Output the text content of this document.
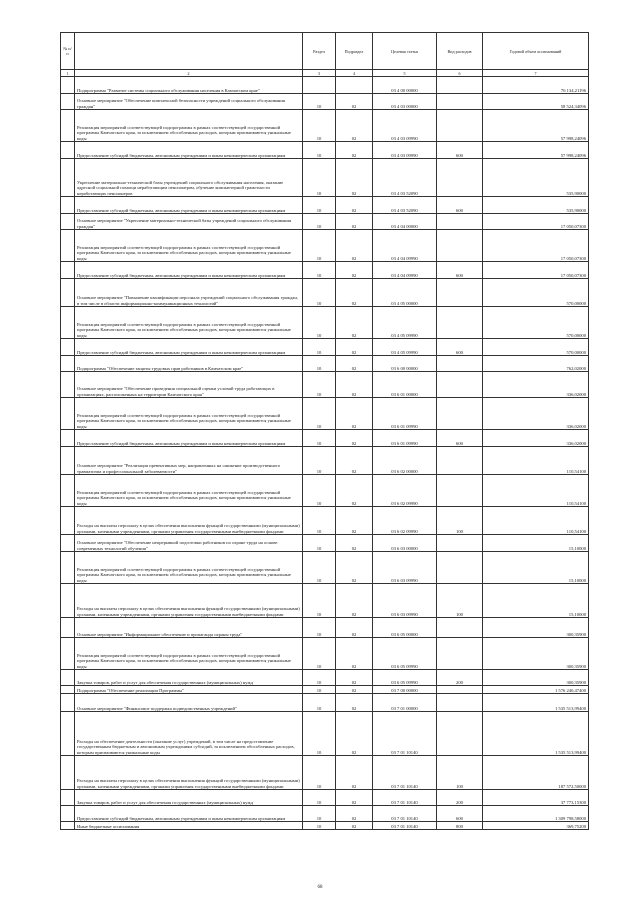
№ п/п		Раздел	Подраздел	Целевая статья	Вид расходов	Годовой объем ассигнований
1	2	3	4	5	6	7
	Подпрограмма "Развитие системы социального обслуживания населения в Камчатском крае"			03 4 00 00000		76 134,21196
	Основное мероприятие "Обеспечение комплексной безопасности учреждений социального обслуживания граждан"	10	02	03 4 03 00000		58 524,34096
	Реализация мероприятий соответствующей подпрограммы в рамках соответствующей государственной программы Камчатского края, за исключением обособленных расходов, которым присваиваются уникальные коды	10	02	03 4 03 09990		57 998,24096
	Предоставление субсидий бюджетным, автономным учреждениям и иным некоммерческим организациям	10	02	03 4 03 09990	600	57 998,24096
	Укрепление материально-технической базы учреждений социального обслуживания населения, оказание адресной социальной помощи неработающим пенсионерам, обучение компьютерной грамотности неработающих пенсионеров	10	02	03 4 03 52090		535,90000
	Предоставление субсидий бюджетным, автономным учреждениям и иным некоммерческим организациям	10	02	03 4 03 52090	600	535,90000
	Основное мероприятие "Укрепление материально-технической базы учреждений социального обслуживания граждан"	10	02	03 4 04 00000		17 050,07300
	Реализация мероприятий соответствующей подпрограммы в рамках соответствующей государственной программы Камчатского края, за исключением обособленных расходов, которым присваиваются уникальные коды	10	02	03 4 04 09990		17 050,07300
	Предоставление субсидий бюджетным, автономным учреждениям и иным некоммерческим организациям	10	02	03 4 04 09990	600	17 050,07300
	Основное мероприятие "Повышение квалификации персонала учреждений социального обслуживания граждан, в том числе в области информационно-коммуникационных технологий"	10	02	03 4 05 00000		570,00000
	Реализация мероприятий соответствующей подпрограммы в рамках соответствующей государственной программы Камчатского края, за исключением обособленных расходов, которым присваиваются уникальные коды	10	02	03 4 05 09990		570,00000
	Предоставление субсидий бюджетным, автономным учреждениям и иным некоммерческим организациям	10	02	03 4 05 09990	600	570,00000
	Подпрограмма "Обеспечение защиты трудовых прав работников в Камчатском крае"	10	02	03 6 00 00000		762,02000
	Основное мероприятие "Обеспечение проведения специальной оценки условий труда работающих в организациях, расположенных на территории Камчатского края"	10	02	03 6 01 00000		336,02000
	Реализация мероприятий соответствующей подпрограммы в рамках соответствующей государственной программы Камчатского края, за исключением обособленных расходов, которым присваиваются уникальные коды	10	02	03 6 01 09990		336,02000
	Предоставление субсидий бюджетным, автономным учреждениям и иным некоммерческим организациям	10	02	03 6 01 09990	600	336,02000
	Основное мероприятие "Реализация превентивных мер, направленных на снижение производственного травматизма и профессиональной заболеваемости"	10	02	03 6 02 00000		110,54100
	Реализация мероприятий соответствующей подпрограммы в рамках соответствующей государственной программы Камчатского края, за исключением обособленных расходов, которым присваиваются уникальные коды	10	02	03 6 02 09990		110,54100
	Расходы на выплаты персоналу в целях обеспечения выполнения функций государственными (муниципальными) органами, казенными учреждениями, органами управления государственными внебюджетными фондами	10	02	03 6 02 09990	100	110,54100
	Основное мероприятие "Обеспечение непрерывной подготовки работников по охране труда на основе современных технологий обучения"	10	02	03 6 03 00000		15,10000
	Реализация мероприятий соответствующей подпрограммы в рамках соответствующей государственной программы Камчатского края, за исключением обособленных расходов, которым присваиваются уникальные коды	10	02	03 6 03 09990		15,10000
	Расходы на выплаты персоналу в целях обеспечения выполнения функций государственными (муниципальными) органами, казенными учреждениями, органами управления государственными внебюджетными фондами	10	02	03 6 03 09990	100	15,10000
	Основное мероприятие "Информационное обеспечение и пропаганда охраны труда"	10	02	03 6 05 00000		300,35900
	Реализация мероприятий соответствующей подпрограммы в рамках соответствующей государственной программы Камчатского края, за исключением обособленных расходов, которым присваиваются уникальные коды	10	02	03 6 05 09990		300,35900
	Закупка товаров, работ и услуг для обеспечения государственных (муниципальных) нужд	10	02	03 6 05 09990	200	300,35900
	Подпрограмма "Обеспечение реализации Программы"	10	02	03 7 00 00000		1 576 240,47400
	Основное мероприятие "Финансовое поддержка подведомственных учреждений"	10	02	03 7 01 00000		1 535 513,99400
	Расходы на обеспечение деятельности (оказание услуг) учреждений, в том числе на предоставление государственным бюджетным и автономным учреждениям субсидий, за исключением обособленных расходов, которым присваиваются уникальные коды	10	02	03 7 01 10140		1 535 513,99400
	Расходы на выплаты персоналу в целях обеспечения выполнения функций государственными (муниципальными) органами, казенными учреждениями, органами управления государственными внебюджетными фондами	10	02	03 7 01 10140	100	187 572,50000
	Закупка товаров, работ и услуг для обеспечения государственных (муниципальных) нужд	10	02	03 7 01 10140	200	37 773,15300
	Предоставление субсидий бюджетным, автономным учреждениям и иным некоммерческим организациям	10	02	03 7 01 10140	600	1 309 798,58000
	Иные бюджетные ассигнования	10	02	03 7 01 10140	800	369,75200
68
